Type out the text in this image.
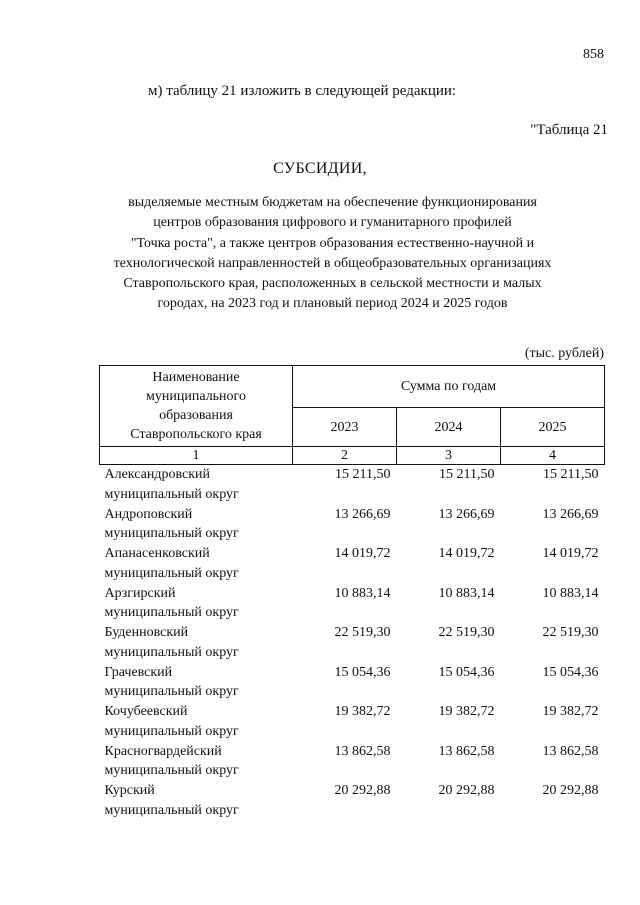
858
м) таблицу 21 изложить в следующей редакции:
"Таблица 21
СУБСИДИИ,
выделяемые местным бюджетам на обеспечение функционирования
центров образования цифрового и гуманитарного профилей
"Точка роста", а также центров образования естественно-научной и
технологической направленностей в общеобразовательных организациях
Ставропольского края, расположенных в сельской местности и малых
городах, на 2023 год и плановый период 2024 и 2025 годов
(тыс. рублей)
Наименование
муниципального
образования
Ставропольского края	Сумма по годам		
	2023	2024	2025
1	2	3	4

Александровский
муниципальный округ	15 211,50	15 211,50	15 211,50

Андроповский
муниципальный округ	13 266,69	13 266,69	13 266,69

Апанасенковский
муниципальный округ	14 019,72	14 019,72	14 019,72

Арзгирский
муниципальный округ	10 883,14	10 883,14	10 883,14

Буденновский
муниципальный округ	22 519,30	22 519,30	22 519,30

Грачевский
муниципальный округ	15 054,36	15 054,36	15 054,36

Кочубеевский
муниципальный округ	19 382,72	19 382,72	19 382,72

Красногвардейский
муниципальный округ	13 862,58	13 862,58	13 862,58

Курский
муниципальный округ	20 292,88	20 292,88	20 292,88
